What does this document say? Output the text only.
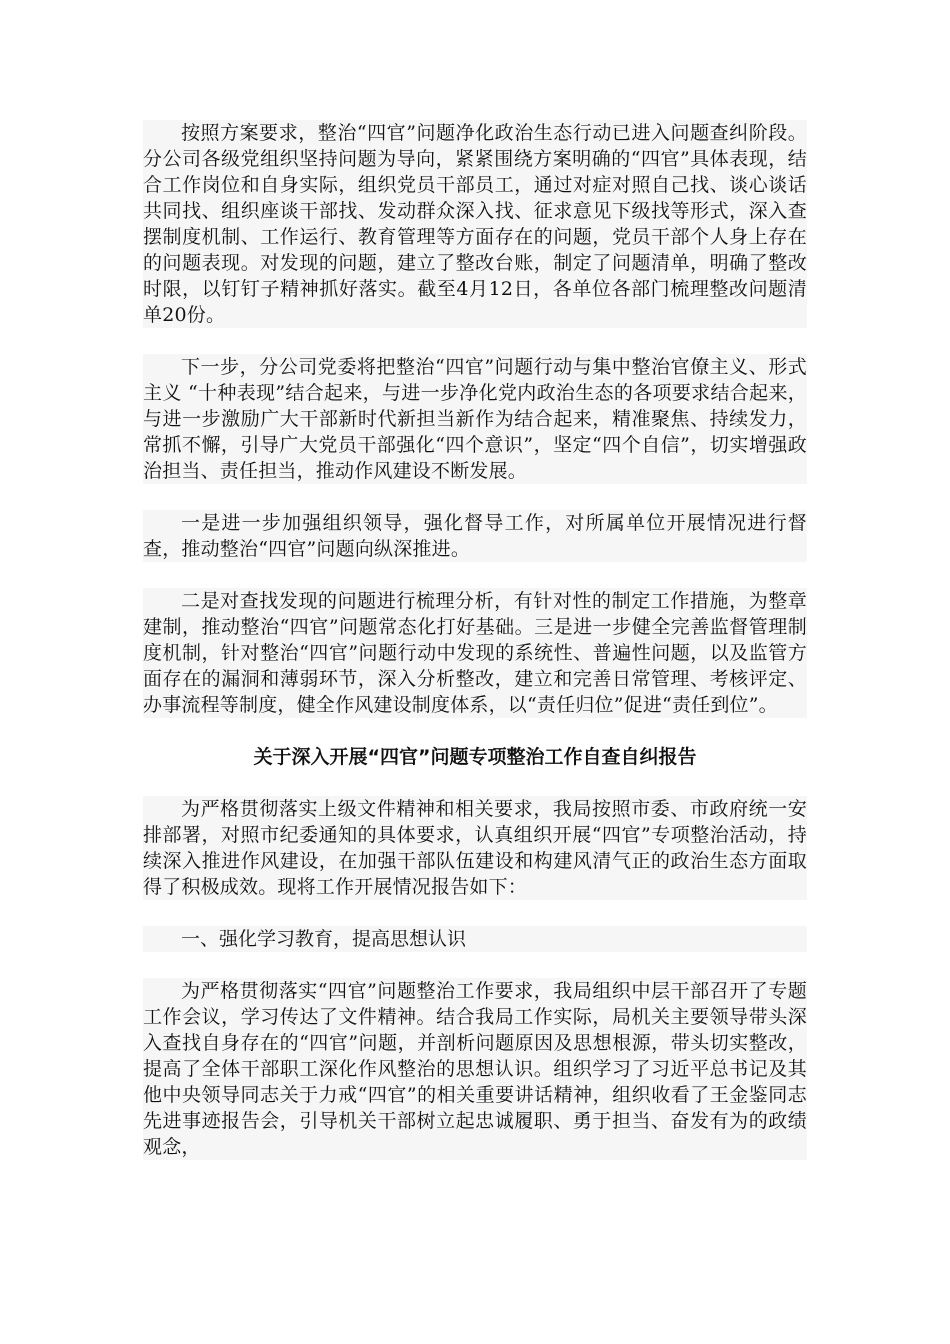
按照方案要求，整治“四官”问题净化政治生态行动已进入问题查纠阶段。分公司各级党组织坚持问题为导向，紧紧围绕方案明确的“四官”具体表现，结合工作岗位和自身实际，组织党员干部员工，通过对症对照自己找、谈心谈话共同找、组织座谈干部找、发动群众深入找、征求意见下级找等形式，深入查摆制度机制、工作运行、教育管理等方面存在的问题，党员干部个人身上存在的问题表现。对发现的问题，建立了整改台账，制定了问题清单，明确了整改时限，以钉钉子精神抓好落实。截至4月12日，各单位各部门梳理整改问题清单20份。

下一步，分公司党委将把整治“四官”问题行动与集中整治官僚主义、形式主义 “十种表现”结合起来，与进一步净化党内政治生态的各项要求结合起来，与进一步激励广大干部新时代新担当新作为结合起来，精准聚焦、持续发力，常抓不懈，引导广大党员干部强化“四个意识”，坚定“四个自信”，切实增强政治担当、责任担当，推动作风建设不断发展。

一是进一步加强组织领导，强化督导工作，对所属单位开展情况进行督查，推动整治“四官”问题向纵深推进。

二是对查找发现的问题进行梳理分析，有针对性的制定工作措施，为整章建制，推动整治“四官”问题常态化打好基础。三是进一步健全完善监督管理制度机制，针对整治“四官”问题行动中发现的系统性、普遍性问题，以及监管方面存在的漏洞和薄弱环节，深入分析整改，建立和完善日常管理、考核评定、办事流程等制度，健全作风建设制度体系，以“责任归位”促进“责任到位”。

关于深入开展“四官”问题专项整治工作自查自纠报告

为严格贯彻落实上级文件精神和相关要求，我局按照市委、市政府统一安排部署，对照市纪委通知的具体要求，认真组织开展“四官”专项整治活动，持续深入推进作风建设，在加强干部队伍建设和构建风清气正的政治生态方面取得了积极成效。现将工作开展情况报告如下：

一、强化学习教育，提高思想认识

为严格贯彻落实“四官”问题整治工作要求，我局组织中层干部召开了专题工作会议，学习传达了文件精神。结合我局工作实际，局机关主要领导带头深入查找自身存在的“四官”问题，并剖析问题原因及思想根源，带头切实整改，提高了全体干部职工深化作风整治的思想认识。组织学习了习近平总书记及其他中央领导同志关于力戒“四官”的相关重要讲话精神，组织收看了王金鉴同志先进事迹报告会，引导机关干部树立起忠诚履职、勇于担当、奋发有为的政绩观念，
